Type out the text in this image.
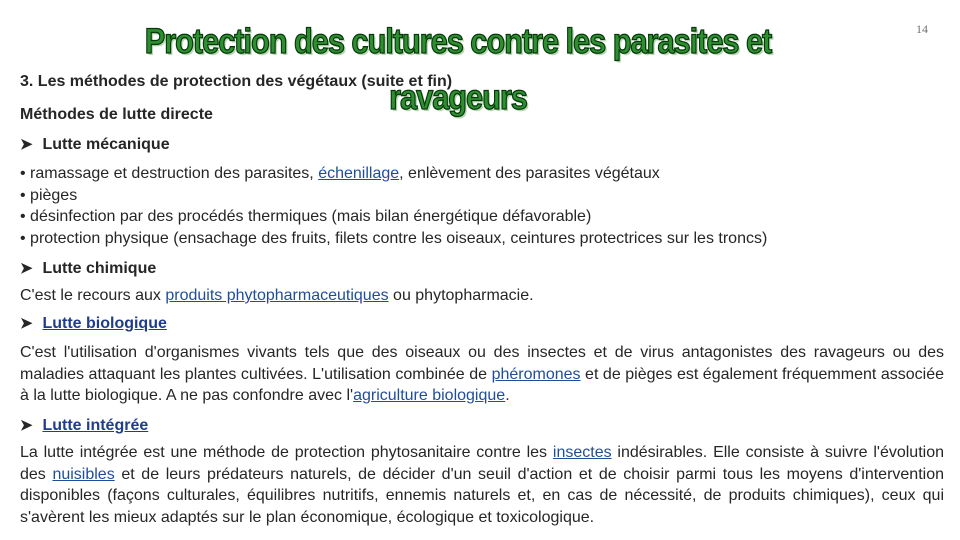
Protection des cultures contre les parasites et ravageurs
14
3. Les méthodes de protection des végétaux (suite et fin)
Méthodes de lutte directe
➤ Lutte mécanique
• ramassage et destruction des parasites, échenillage, enlèvement des parasites végétaux
• pièges
• désinfection par des procédés thermiques (mais bilan énergétique défavorable)
• protection physique (ensachage des fruits, filets contre les oiseaux, ceintures protectrices sur les troncs)
➤ Lutte chimique

C'est le recours aux produits phytopharmaceutiques ou phytopharmacie.

➤ Lutte biologique

C'est l'utilisation d'organismes vivants tels que des oiseaux ou des insectes et de virus antagonistes des ravageurs ou des maladies attaquant les plantes cultivées. L'utilisation combinée de phéromones et de pièges est également fréquemment associée à la lutte biologique. A ne pas confondre avec l'agriculture biologique.

➤ Lutte intégrée

La lutte intégrée est une méthode de protection phytosanitaire contre les insectes indésirables. Elle consiste à suivre l'évolution des nuisibles et de leurs prédateurs naturels, de décider d'un seuil d'action et de choisir parmi tous les moyens d'intervention disponibles (façons culturales, équilibres nutritifs, ennemis naturels et, en cas de nécessité, de produits chimiques), ceux qui s'avèrent les mieux adaptés sur le plan économique, écologique et toxicologique.
